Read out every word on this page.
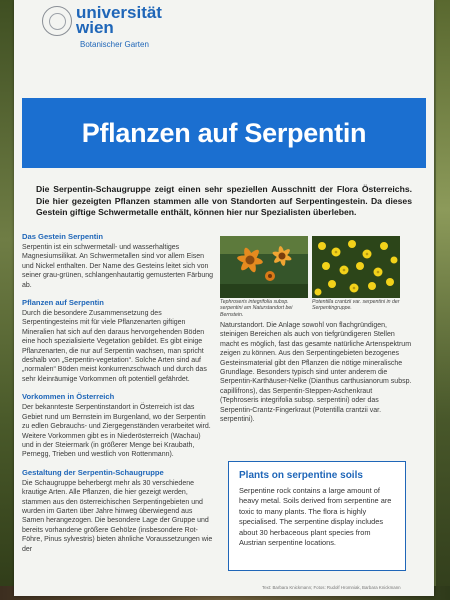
universität
wien
Botanischer Garten
Pflanzen auf Serpentin
Die Serpentin-Schaugruppe zeigt einen sehr speziellen Ausschnitt der Flora Österreichs. Die hier gezeigten Pflanzen stammen alle von Standorten auf Serpentingestein. Da dieses Gestein giftige Schwermetalle enthält, können hier nur Spezialisten überleben.
Das Gestein Serpentin
Serpentin ist ein schwermetall- und wasserhaltiges Magnesiumsilikat. An Schwermetallen sind vor allem Eisen und Nickel enthalten. Der Name des Gesteins leitet sich von seiner grau-grünen, schlangenhautartig gemusterten Färbung ab.
Pflanzen auf Serpentin
Durch die besondere Zusammensetzung des Serpentingesteins mit für viele Pflanzenarten giftigen Mineralien hat sich auf den daraus hervorgehenden Böden eine hoch spezialisierte Vegetation gebildet. Es gibt einige Pflanzenarten, die nur auf Serpentin wachsen, man spricht deshalb von „Serpentin-vegetation“. Solche Arten sind auf „normalen“ Böden meist konkurrenzschwach und durch das sehr kleinräumige Vorkommen oft potentiell gefährdet.
Vorkommen in Österreich
Der bekannteste Serpentinstandort in Österreich ist das Gebiet rund um Bernstein im Burgenland, wo der Serpentin zu edlen Gebrauchs- und Ziergegenständen verarbeitet wird. Weitere Vorkommen gibt es in Niederösterreich (Wachau) und in der Steiermark (in größerer Menge bei Kraubath, Pernegg, Trieben und westlich von Rottenmann).
Gestaltung der Serpentin-Schaugruppe
Die Schaugruppe beherbergt mehr als 30 verschiedene krautige Arten. Alle Pflanzen, die hier gezeigt werden, stammen aus den österreichischen Serpentingebieten und wurden im Garten über Jahre hinweg überwiegend aus Samen herangezogen. Die besondere Lage der Gruppe und bereits vorhandene größere Gehölze (insbesondere Rot-Föhre, Pinus sylvestris) bieten ähnliche Voraussetzungen wie der
Tephroseris integrifolia subsp. serpentini am Naturstandort bei Bernstein.
Potentilla crantzii var. serpentini in der Serpentingruppe.
Naturstandort. Die Anlage sowohl von flachgründigen, steinigen Bereichen als auch von tiefgründigeren Stellen macht es möglich, fast das gesamte natürliche Artenspektrum zeigen zu können. Aus den Serpentingebieten bezogenes Gesteinsmaterial gibt den Pflanzen die nötige mineralische Grundlage. Besonders typisch sind unter anderem die Serpentin-Karthäuser-Nelke (Dianthus carthusianorum subsp. capillifrons), das Serpentin-Steppen-Aschenkraut (Tephroseris integrifolia subsp. serpentini) oder das Serpentin-Crantz-Fingerkraut (Potentilla crantzii var. serpentini).
Plants on serpentine soils
Serpentine rock contains a large amount of heavy metal. Soils derived from serpentine are toxic to many plants. The flora is highly specialised. The serpentine display includes about 30 herbaceous plant species from Austrian serpentine locations.
Text: Barbara Knickmann; Fotos: Rudolf Hromniak, Barbara Knickmann
